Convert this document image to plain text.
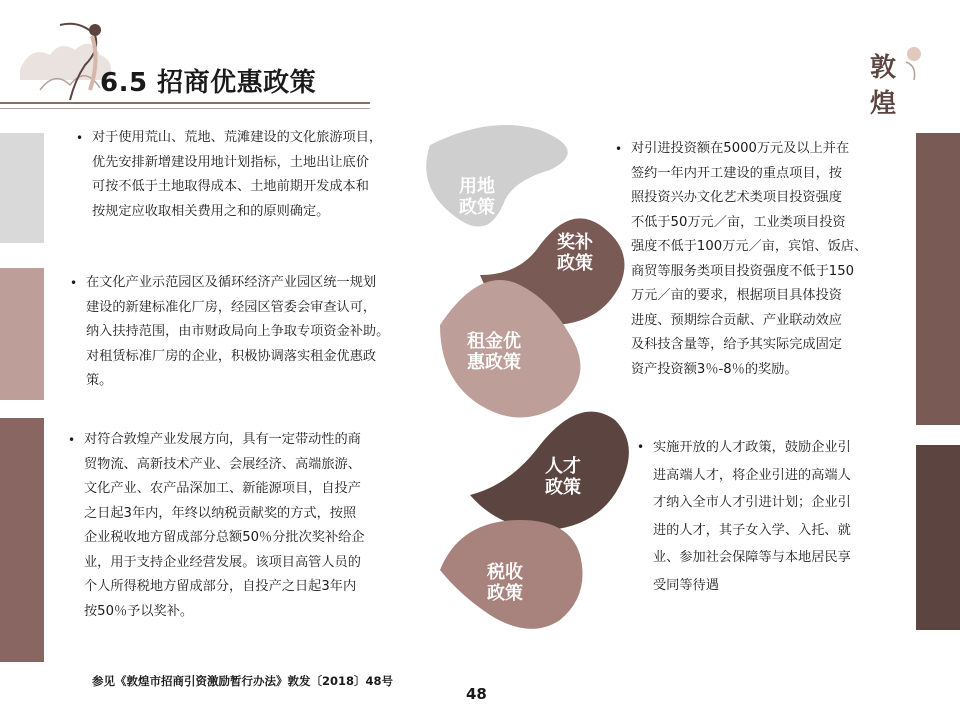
6.5 招商优惠政策	敦
煌
用地
政策
奖补
政策
租金优
惠政策
人才
政策
税收
政策
• 对于使用荒山、荒地、荒滩建设的文化旅游项目，
优先安排新增建设用地计划指标，土地出让底价
可按不低于土地取得成本、土地前期开发成本和
按规定应收取相关费用之和的原则确定。
• 在文化产业示范园区及循环经济产业园区统一规划
建设的新建标准化厂房，经园区管委会审查认可，
纳入扶持范围，由市财政局向上争取专项资金补助。
对租赁标准厂房的企业，积极协调落实租金优惠政
策。
• 对符合敦煌产业发展方向，具有一定带动性的商
贸物流、高新技术产业、会展经济、高端旅游、
文化产业、农产品深加工、新能源项目，自投产
之日起3年内，年终以纳税贡献奖的方式，按照
企业税收地方留成部分总额50％分批次奖补给企
业，用于支持企业经营发展。该项目高管人员的
个人所得税地方留成部分，自投产之日起3年内
按50％予以奖补。
• 对引进投资额在5000万元及以上并在
签约一年内开工建设的重点项目，按
照投资兴办文化艺术类项目投资强度
不低于50万元／亩，工业类项目投资
强度不低于100万元／亩，宾馆、饭店、
商贸等服务类项目投资强度不低于150
万元／亩的要求，根据项目具体投资
进度、预期综合贡献、产业联动效应
及科技含量等，给予其实际完成固定
资产投资额3％-8％的奖励。
• 实施开放的人才政策，鼓励企业引
进高端人才，将企业引进的高端人
才纳入全市人才引进计划；企业引
进的人才，其子女入学、入托、就
业、参加社会保障等与本地居民享
受同等待遇
参见《敦煌市招商引资激励暂行办法》敦发〔2018〕48号
48
